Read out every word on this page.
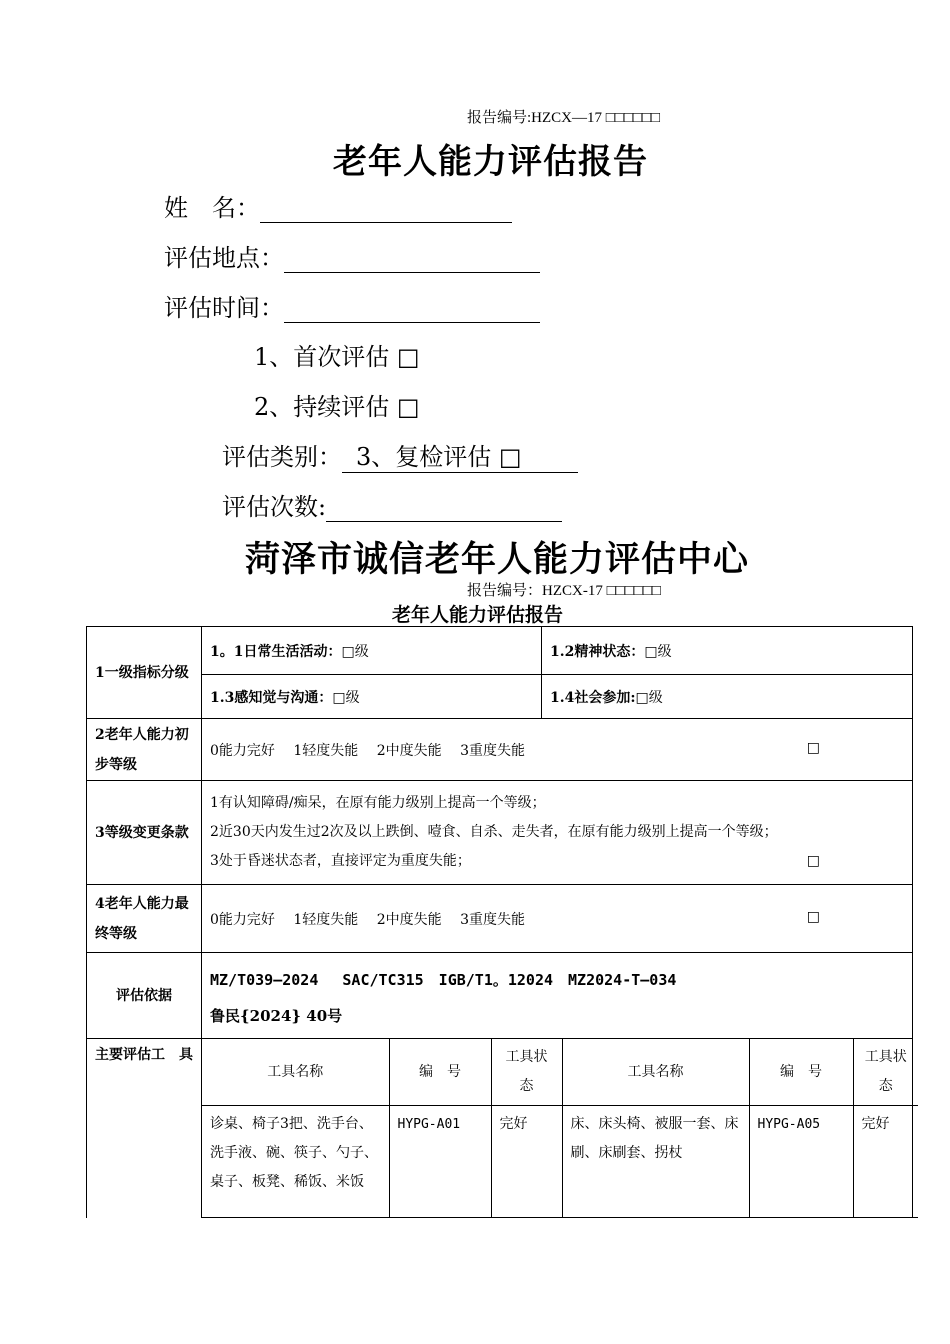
报告编号:HZCX—17 □□□□□□
老年人能力评估报告
姓　名：
评估地点：
评估时间：
1、首次评估 □
2、持续评估 □
评估类别： 3、复检评估 □
评估次数:
菏泽市诚信老年人能力评估中心
报告编号：HZCX-17 □□□□□□
老年人能力评估报告
1一级指标分级	1。1日常生活活动：□级	1.2精神状态：□级
1.3感知觉与沟通：□级	1.4社会参加:□级
2老年人能力初步等级	0能力完好　 1轻度失能　 2中度失能　 3重度失能	□

3等级变更条款	
1有认知障碍/痴呆，在原有能力级别上提高一个等级；
2近30天内发生过2次及以上跌倒、噎食、自杀、走失者，在原有能力级别上提高一个等级；
3处于昏迷状态者，直接评定为重度失能；	□

4老年人能力最终等级	0能力完好　 1轻度失能　 2中度失能　 3重度失能	□

评估依据	
MZ/T039—2024　 SAC/TC315　IGB/T1。12024　MZ2024-T—034
鲁民{2024} 40号

主要评估工　具	
工具名称	编　号	工具状态	工具名称	编　号	工具状态
诊桌、椅子3把、洗手台、洗手液、碗、筷子、勺子、桌子、板凳、稀饭、米饭	HYPG-A01	完好	床、床头椅、被服一套、床刷、床刷套、拐杖	HYPG-A05	完好
